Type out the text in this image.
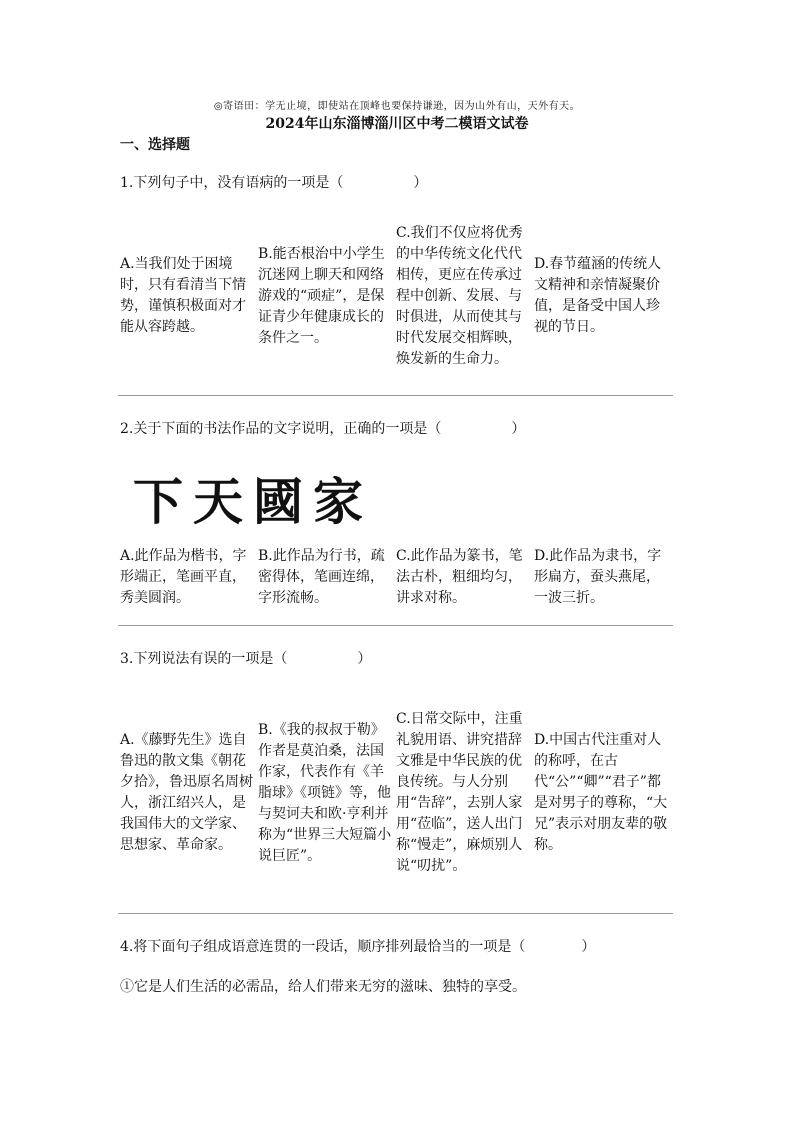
◎寄语田：学无止境，即使站在顶峰也要保持谦逊，因为山外有山，天外有天。
2024年山东淄博淄川区中考二模语文试卷
一、选择题
1.下列句子中，没有语病的一项是（　　　　　）
A.当我们处于困境时，只有看清当下情势，谨慎积极面对才能从容跨越。
B.能否根治中小学生沉迷网上聊天和网络游戏的“顽症”，是保证青少年健康成长的条件之一。
C.我们不仅应将优秀的中华传统文化代代相传，更应在传承过程中创新、发展、与时俱进，从而使其与时代发展交相辉映，焕发新的生命力。
D.春节蕴涵的传统人文精神和亲情凝聚价值，是备受中国人珍视的节日。
2.关于下面的书法作品的文字说明，正确的一项是（　　　　　）
下天國家
A.此作品为楷书，字形端正，笔画平直，秀美圆润。
B.此作品为行书，疏密得体，笔画连绵，字形流畅。
C.此作品为篆书，笔法古朴，粗细均匀，讲求对称。
D.此作品为隶书，字形扁方，蚕头燕尾，一波三折。
3.下列说法有误的一项是（　　　　　）
A.《藤野先生》选自鲁迅的散文集《朝花夕拾》，鲁迅原名周树人，浙江绍兴人，是我国伟大的文学家、思想家、革命家。
B.《我的叔叔于勒》作者是莫泊桑，法国作家，代表作有《羊脂球》《项链》等，他与契诃夫和欧·亨利并称为“世界三大短篇小说巨匠”。
C.日常交际中，注重礼貌用语、讲究措辞文雅是中华民族的优良传统。与人分别用“告辞”，去别人家用“莅临”，送人出门称“慢走”，麻烦别人说“叨扰”。
D.中国古代注重对人的称呼，在古代“公”“卿”“君子”都是对男子的尊称，“大兄”表示对朋友辈的敬称。
4.将下面句子组成语意连贯的一段话，顺序排列最恰当的一项是（　　　　）
①它是人们生活的必需品，给人们带来无穷的滋味、独特的享受。
